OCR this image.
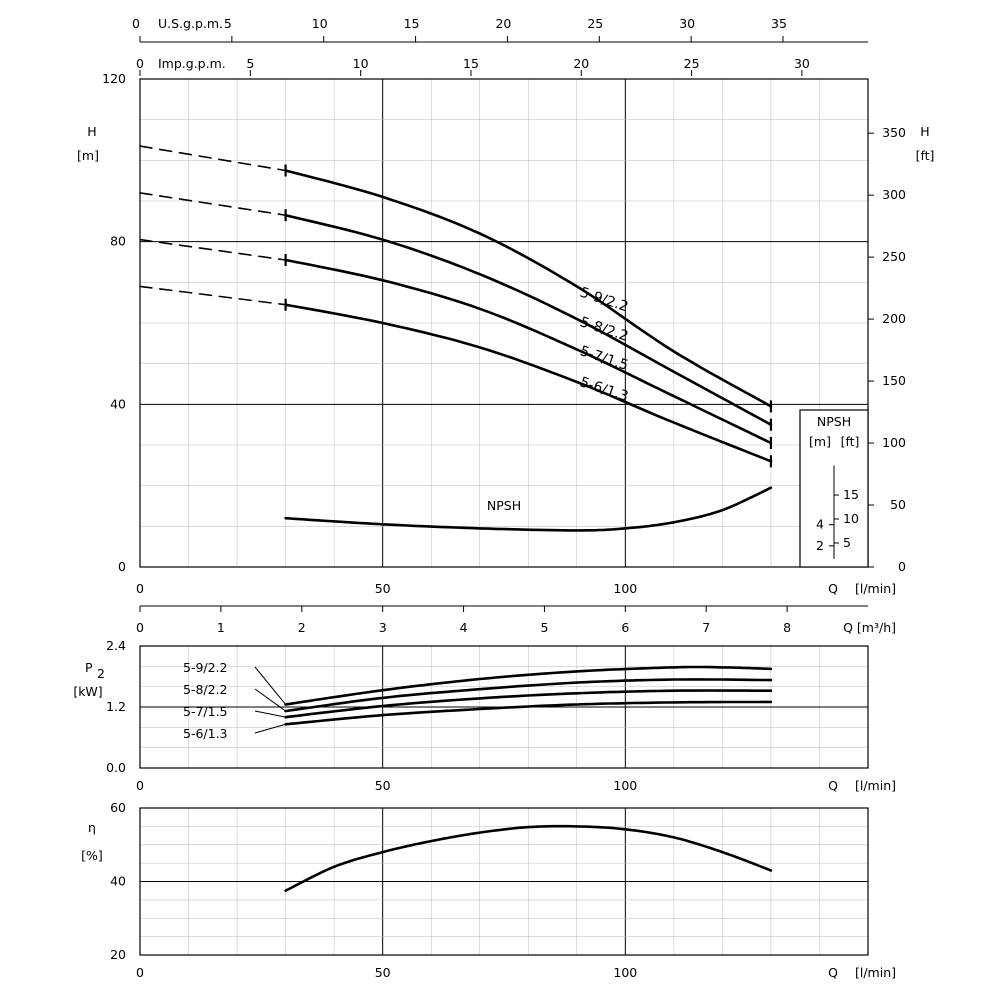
0	5	10	15	20	25	30	35
U.S.g.p.m.
0	5	10	15	20	25	30
Imp.g.p.m.
0
40
80
120
H
[m]
0
50
100
150
200
250
300
350 H
[ft]
0	50	100	Q [l/min]
0	1	2	3	4	5	6	7	8	Q [m³/h]
5-9/2.2
5-8/2.2
5-7/1.5
5-6/1.3
NPSH
NPSH
[m] [ft]
2
4
5
10
15
0.0
1.2
2.4
P 2
[kW]
0	50	100	Q [l/min]
5-9/2.2
5-8/2.2
5-7/1.5
5-6/1.3
20
40
60
η
[%]
0	50	100	Q [l/min]
